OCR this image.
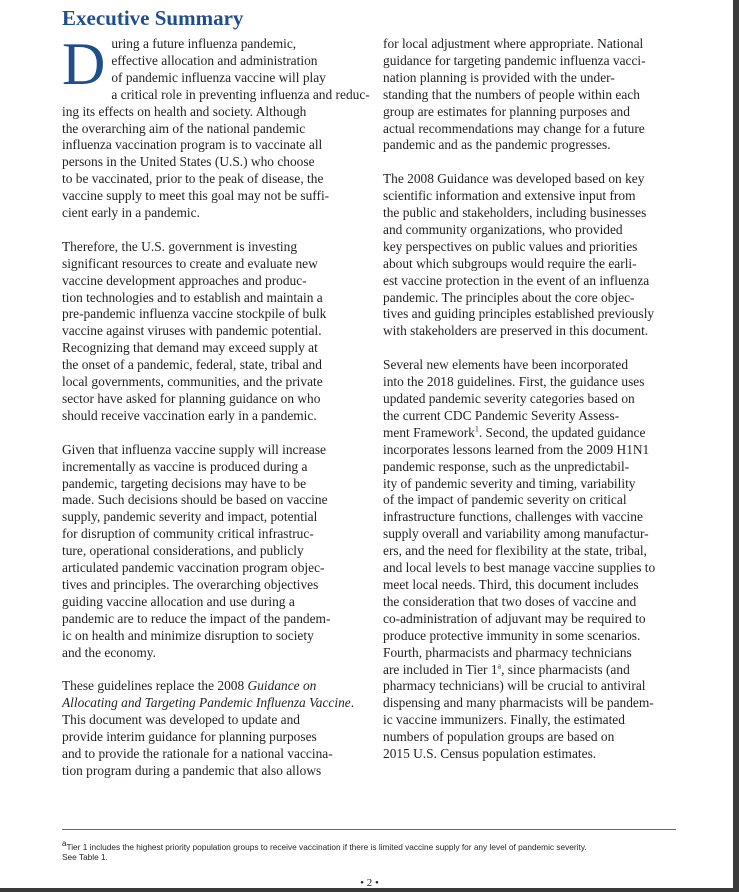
Executive Summary

D uring a future influenza pandemic,
effective allocation and administration
of pandemic influenza vaccine will play
a critical role in preventing influenza and reduc-
ing its effects on health and society. Although
the overarching aim of the national pandemic
influenza vaccination program is to vaccinate all
persons in the United States (U.S.) who choose
to be vaccinated, prior to the peak of disease, the
vaccine supply to meet this goal may not be suffi-
cient early in a pandemic.

Therefore, the U.S. government is investing
significant resources to create and evaluate new
vaccine development approaches and produc-
tion technologies and to establish and maintain a
pre-pandemic influenza vaccine stockpile of bulk
vaccine against viruses with pandemic potential.
Recognizing that demand may exceed supply at
the onset of a pandemic, federal, state, tribal and
local governments, communities, and the private
sector have asked for planning guidance on who
should receive vaccination early in a pandemic.

Given that influenza vaccine supply will increase
incrementally as vaccine is produced during a
pandemic, targeting decisions may have to be
made. Such decisions should be based on vaccine
supply, pandemic severity and impact, potential
for disruption of community critical infrastruc-
ture, operational considerations, and publicly
articulated pandemic vaccination program objec-
tives and principles. The overarching objectives
guiding vaccine allocation and use during a
pandemic are to reduce the impact of the pandem-
ic on health and minimize disruption to society
and the economy.

These guidelines replace the 2008 Guidance on
Allocating and Targeting Pandemic Influenza Vaccine.
This document was developed to update and
provide interim guidance for planning purposes
and to provide the rationale for a national vaccina-
tion program during a pandemic that also allows

for local adjustment where appropriate. National
guidance for targeting pandemic influenza vacci-
nation planning is provided with the under-
standing that the numbers of people within each
group are estimates for planning purposes and
actual recommendations may change for a future
pandemic and as the pandemic progresses.

The 2008 Guidance was developed based on key
scientific information and extensive input from
the public and stakeholders, including businesses
and community organizations, who provided
key perspectives on public values and priorities
about which subgroups would require the earli-
est vaccine protection in the event of an influenza
pandemic. The principles about the core objec-
tives and guiding principles established previously
with stakeholders are preserved in this document.

Several new elements have been incorporated
into the 2018 guidelines. First, the guidance uses
updated pandemic severity categories based on
the current CDC Pandemic Severity Assess-
ment Framework$^1$. Second, the updated guidance
incorporates lessons learned from the 2009 H1N1
pandemic response, such as the unpredictabil-
ity of pandemic severity and timing, variability
of the impact of pandemic severity on critical
infrastructure functions, challenges with vaccine
supply overall and variability among manufactur-
ers, and the need for flexibility at the state, tribal,
and local levels to best manage vaccine supplies to
meet local needs. Third, this document includes
the consideration that two doses of vaccine and
co-administration of adjuvant may be required to
produce protective immunity in some scenarios.
Fourth, pharmacists and pharmacy technicians
are included in Tier 1$^a$, since pharmacists (and
pharmacy technicians) will be crucial to antiviral
dispensing and many pharmacists will be pandem-
ic vaccine immunizers. Finally, the estimated
numbers of population groups are based on
2015 U.S. Census population estimates.

$^a$Tier 1 includes the highest priority population groups to receive vaccination if there is limited vaccine supply for any level of pandemic severity.
See Table 1.
• 2 •
